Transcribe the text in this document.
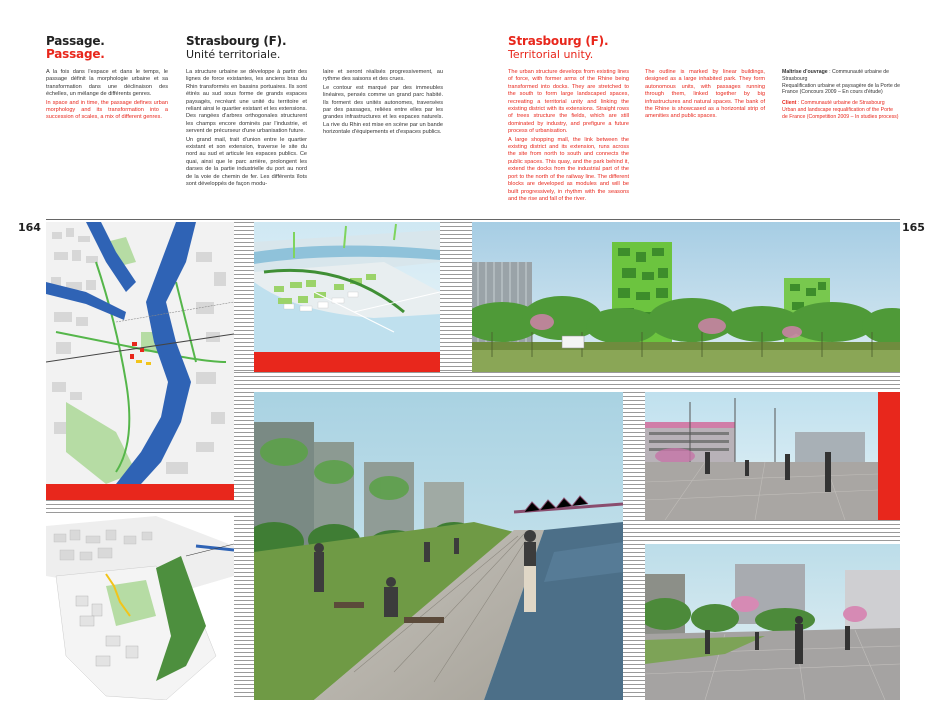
Passage.
Passage.

A la fois dans l'espace et dans le temps, le passage définit la morphologie urbaine et sa transformation dans une déclinaison des échelles, un mélange de différents genres.

In space and in time, the passage defines urban morphology and its transformation into a succession of scales, a mix of different genres.

Strasbourg (F).
Unité territoriale.

La structure urbaine se développe à partir des lignes de force existantes, les anciens bras du Rhin transformés en bassins portuaires. Ils sont étirés au sud sous forme de grands espaces paysagés, recréant une unité du territoire et reliant ainsi le quartier existant et les extensions. Des rangées d'arbres orthogonales structurent les champs encore dominés par l'industrie, et servent de précurseur d'une urbanisation future.

Un grand mail, trait d'union entre le quartier existant et son extension, traverse le site du nord au sud et articule les espaces publics. Ce quai, ainsi que le parc arrière, prolongent les darses de la partie industrielle du port au nord de la voie de chemin de fer. Les différents îlots sont développés de façon modu-

laire et seront réalisés progressivement, au rythme des saisons et des crues.

Le contour est marqué par des immeubles linéaires, pensés comme un grand parc habité. Ils forment des unités autonomes, traversées par des passages, reliées entre elles par les grandes infrastructures et les espaces naturels. La rive du Rhin est mise en scène par un bande horizontale d'équipements et d'espaces publics.

Strasbourg (F).
Territorial unity.

The urban structure develops from existing lines of force, with former arms of the Rhine being transformed into docks. They are stretched to the south to form large landscaped spaces, recreating a territorial unity and linking the existing district with its extensions. Straight rows of trees structure the fields, which are still dominated by industry, and prefigure a future process of urbanisation.

A large shopping mall, the link between the existing district and its extension, runs across the site from north to south and connects the public spaces. This quay, and the park behind it, extend the docks from the industrial part of the port to the north of the railway line. The different blocks are developed as modules and will be built progressively, in rhythm with the seasons and the rise and fall of the river.

The outline is marked by linear buildings, designed as a large inhabited park. They form autonomous units, with passages running through them, linked together by big infrastructures and natural spaces. The bank of the Rhine is showcased as a horizontal strip of amenities and public spaces.

Maîtrise d'ouvrage : Communauté urbaine de Strasbourg
Requalification urbaine et paysagère de la Porte de France (Concours 2009 – En cours d'étude)
Client : Communauté urbaine de Strasbourg
Urban and landscape requalification of the Porte de France (Competition 2009 – In studies process)
164	165
